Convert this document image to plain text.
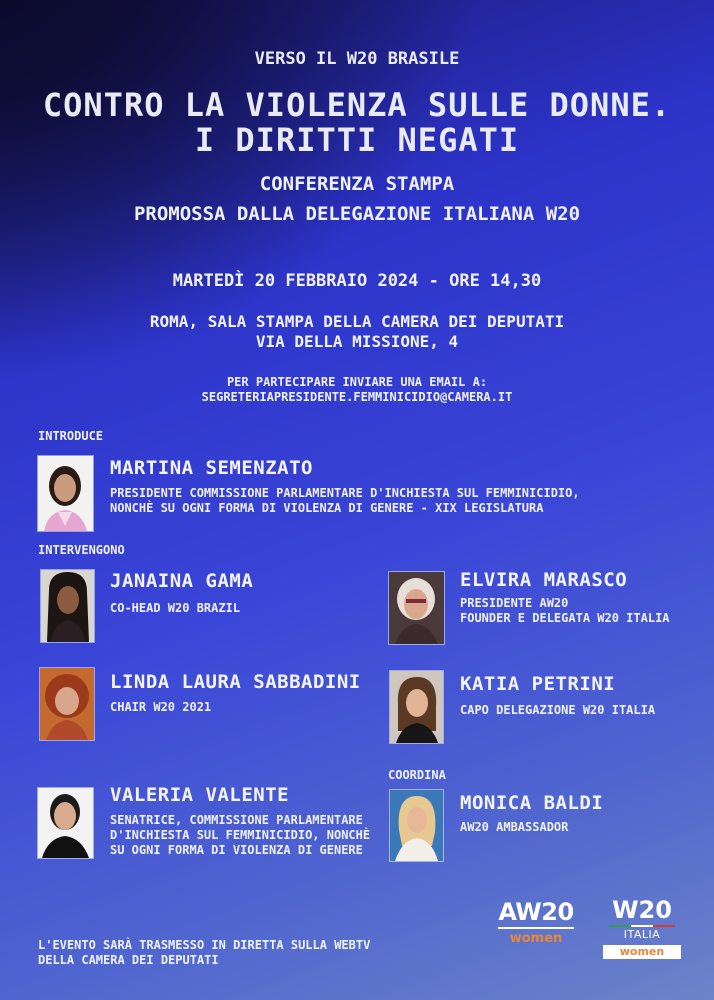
VERSO IL W20 BRASILE
CONTRO LA VIOLENZA SULLE DONNE.
I DIRITTI NEGATI
CONFERENZA STAMPA
PROMOSSA DALLA DELEGAZIONE ITALIANA W20
MARTEDÌ 20 FEBBRAIO 2024 - ORE 14,30
ROMA, SALA STAMPA DELLA CAMERA DEI DEPUTATI
VIA DELLA MISSIONE, 4
PER PARTECIPARE INVIARE UNA EMAIL A:
SEGRETERIAPRESIDENTE.FEMMINICIDIO@CAMERA.IT
INTRODUCE
MARTINA SEMENZATO
PRESIDENTE COMMISSIONE PARLAMENTARE D'INCHIESTA SUL FEMMINICIDIO,
NONCHÈ SU OGNI FORMA DI VIOLENZA DI GENERE - XIX LEGISLATURA
INTERVENGONO
JANAINA GAMA
CO-HEAD W20 BRAZIL
ELVIRA MARASCO
PRESIDENTE AW20
FOUNDER E DELEGATA W20 ITALIA
LINDA LAURA SABBADINI
CHAIR W20 2021
KATIA PETRINI
CAPO DELEGAZIONE W20 ITALIA
COORDINA
VALERIA VALENTE
SENATRICE, COMMISSIONE PARLAMENTARE
D'INCHIESTA SUL FEMMINICIDIO, NONCHÈ
SU OGNI FORMA DI VIOLENZA DI GENERE
MONICA BALDI
AW20 AMBASSADOR
L'EVENTO SARÀ TRASMESSO IN DIRETTA SULLA WEBTV
DELLA CAMERA DEI DEPUTATI
AW20
women
W20
ITALIA
women
